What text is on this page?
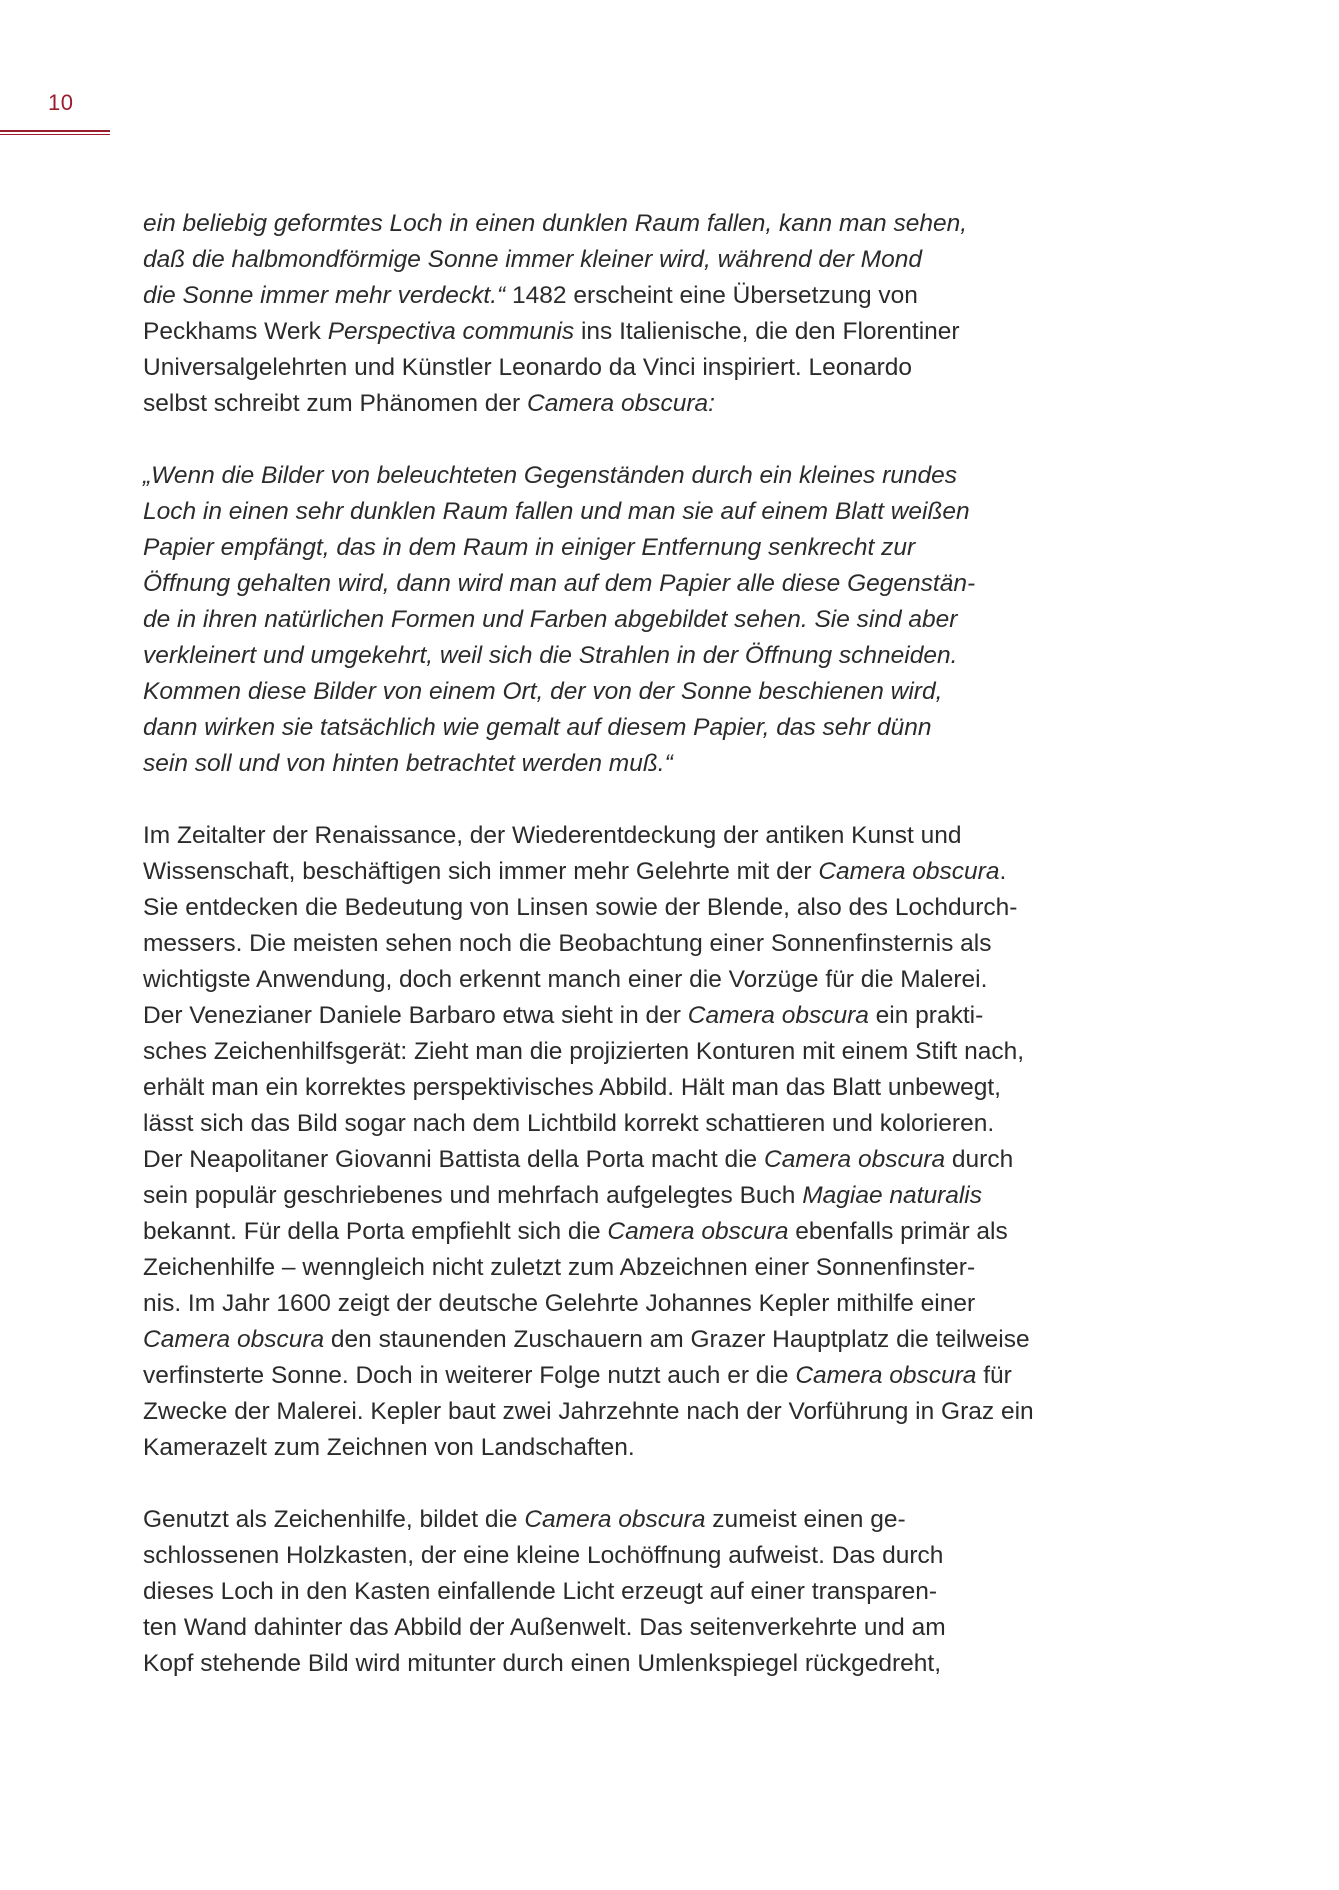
10

ein beliebig geformtes Loch in einen dunklen Raum fallen, kann man sehen,
daß die halbmondförmige Sonne immer kleiner wird, während der Mond
die Sonne immer mehr verdeckt.“ 1482 erscheint eine Übersetzung von
Peckhams Werk Perspectiva communis ins Italienische, die den Florentiner
Universalgelehrten und Künstler Leonardo da Vinci inspiriert. Leonardo
selbst schreibt zum Phänomen der Camera obscura:

„Wenn die Bilder von beleuchteten Gegenständen durch ein kleines rundes
Loch in einen sehr dunklen Raum fallen und man sie auf einem Blatt weißen
Papier empfängt, das in dem Raum in einiger Entfernung senkrecht zur
Öffnung gehalten wird, dann wird man auf dem Papier alle diese Gegenstän-
de in ihren natürlichen Formen und Farben abgebildet sehen. Sie sind aber
verkleinert und umgekehrt, weil sich die Strahlen in der Öffnung schneiden.
Kommen diese Bilder von einem Ort, der von der Sonne beschienen wird,
dann wirken sie tatsächlich wie gemalt auf diesem Papier, das sehr dünn
sein soll und von hinten betrachtet werden muß.“

Im Zeitalter der Renaissance, der Wiederentdeckung der antiken Kunst und
Wissenschaft, beschäftigen sich immer mehr Gelehrte mit der Camera obscura.
Sie entdecken die Bedeutung von Linsen sowie der Blende, also des Lochdurch-
messers. Die meisten sehen noch die Beobachtung einer Sonnenfinsternis als
wichtigste Anwendung, doch erkennt manch einer die Vorzüge für die Malerei.
Der Venezianer Daniele Barbaro etwa sieht in der Camera obscura ein prakti-
sches Zeichenhilfsgerät: Zieht man die projizierten Konturen mit einem Stift nach,
erhält man ein korrektes perspektivisches Abbild. Hält man das Blatt unbewegt,
lässt sich das Bild sogar nach dem Lichtbild korrekt schattieren und kolorieren.
Der Neapolitaner Giovanni Battista della Porta macht die Camera obscura durch
sein populär geschriebenes und mehrfach aufgelegtes Buch Magiae naturalis
bekannt. Für della Porta empfiehlt sich die Camera obscura ebenfalls primär als
Zeichenhilfe – wenngleich nicht zuletzt zum Abzeichnen einer Sonnenfinster-
nis. Im Jahr 1600 zeigt der deutsche Gelehrte Johannes Kepler mithilfe einer
Camera obscura den staunenden Zuschauern am Grazer Hauptplatz die teilweise
verfinsterte Sonne. Doch in weiterer Folge nutzt auch er die Camera obscura für
Zwecke der Malerei. Kepler baut zwei Jahrzehnte nach der Vorführung in Graz ein
Kamerazelt zum Zeichnen von Landschaften.

Genutzt als Zeichenhilfe, bildet die Camera obscura zumeist einen ge-
schlossenen Holzkasten, der eine kleine Lochöffnung aufweist. Das durch
dieses Loch in den Kasten einfallende Licht erzeugt auf einer transparen-
ten Wand dahinter das Abbild der Außenwelt. Das seitenverkehrte und am
Kopf stehende Bild wird mitunter durch einen Umlenkspiegel rückgedreht,
